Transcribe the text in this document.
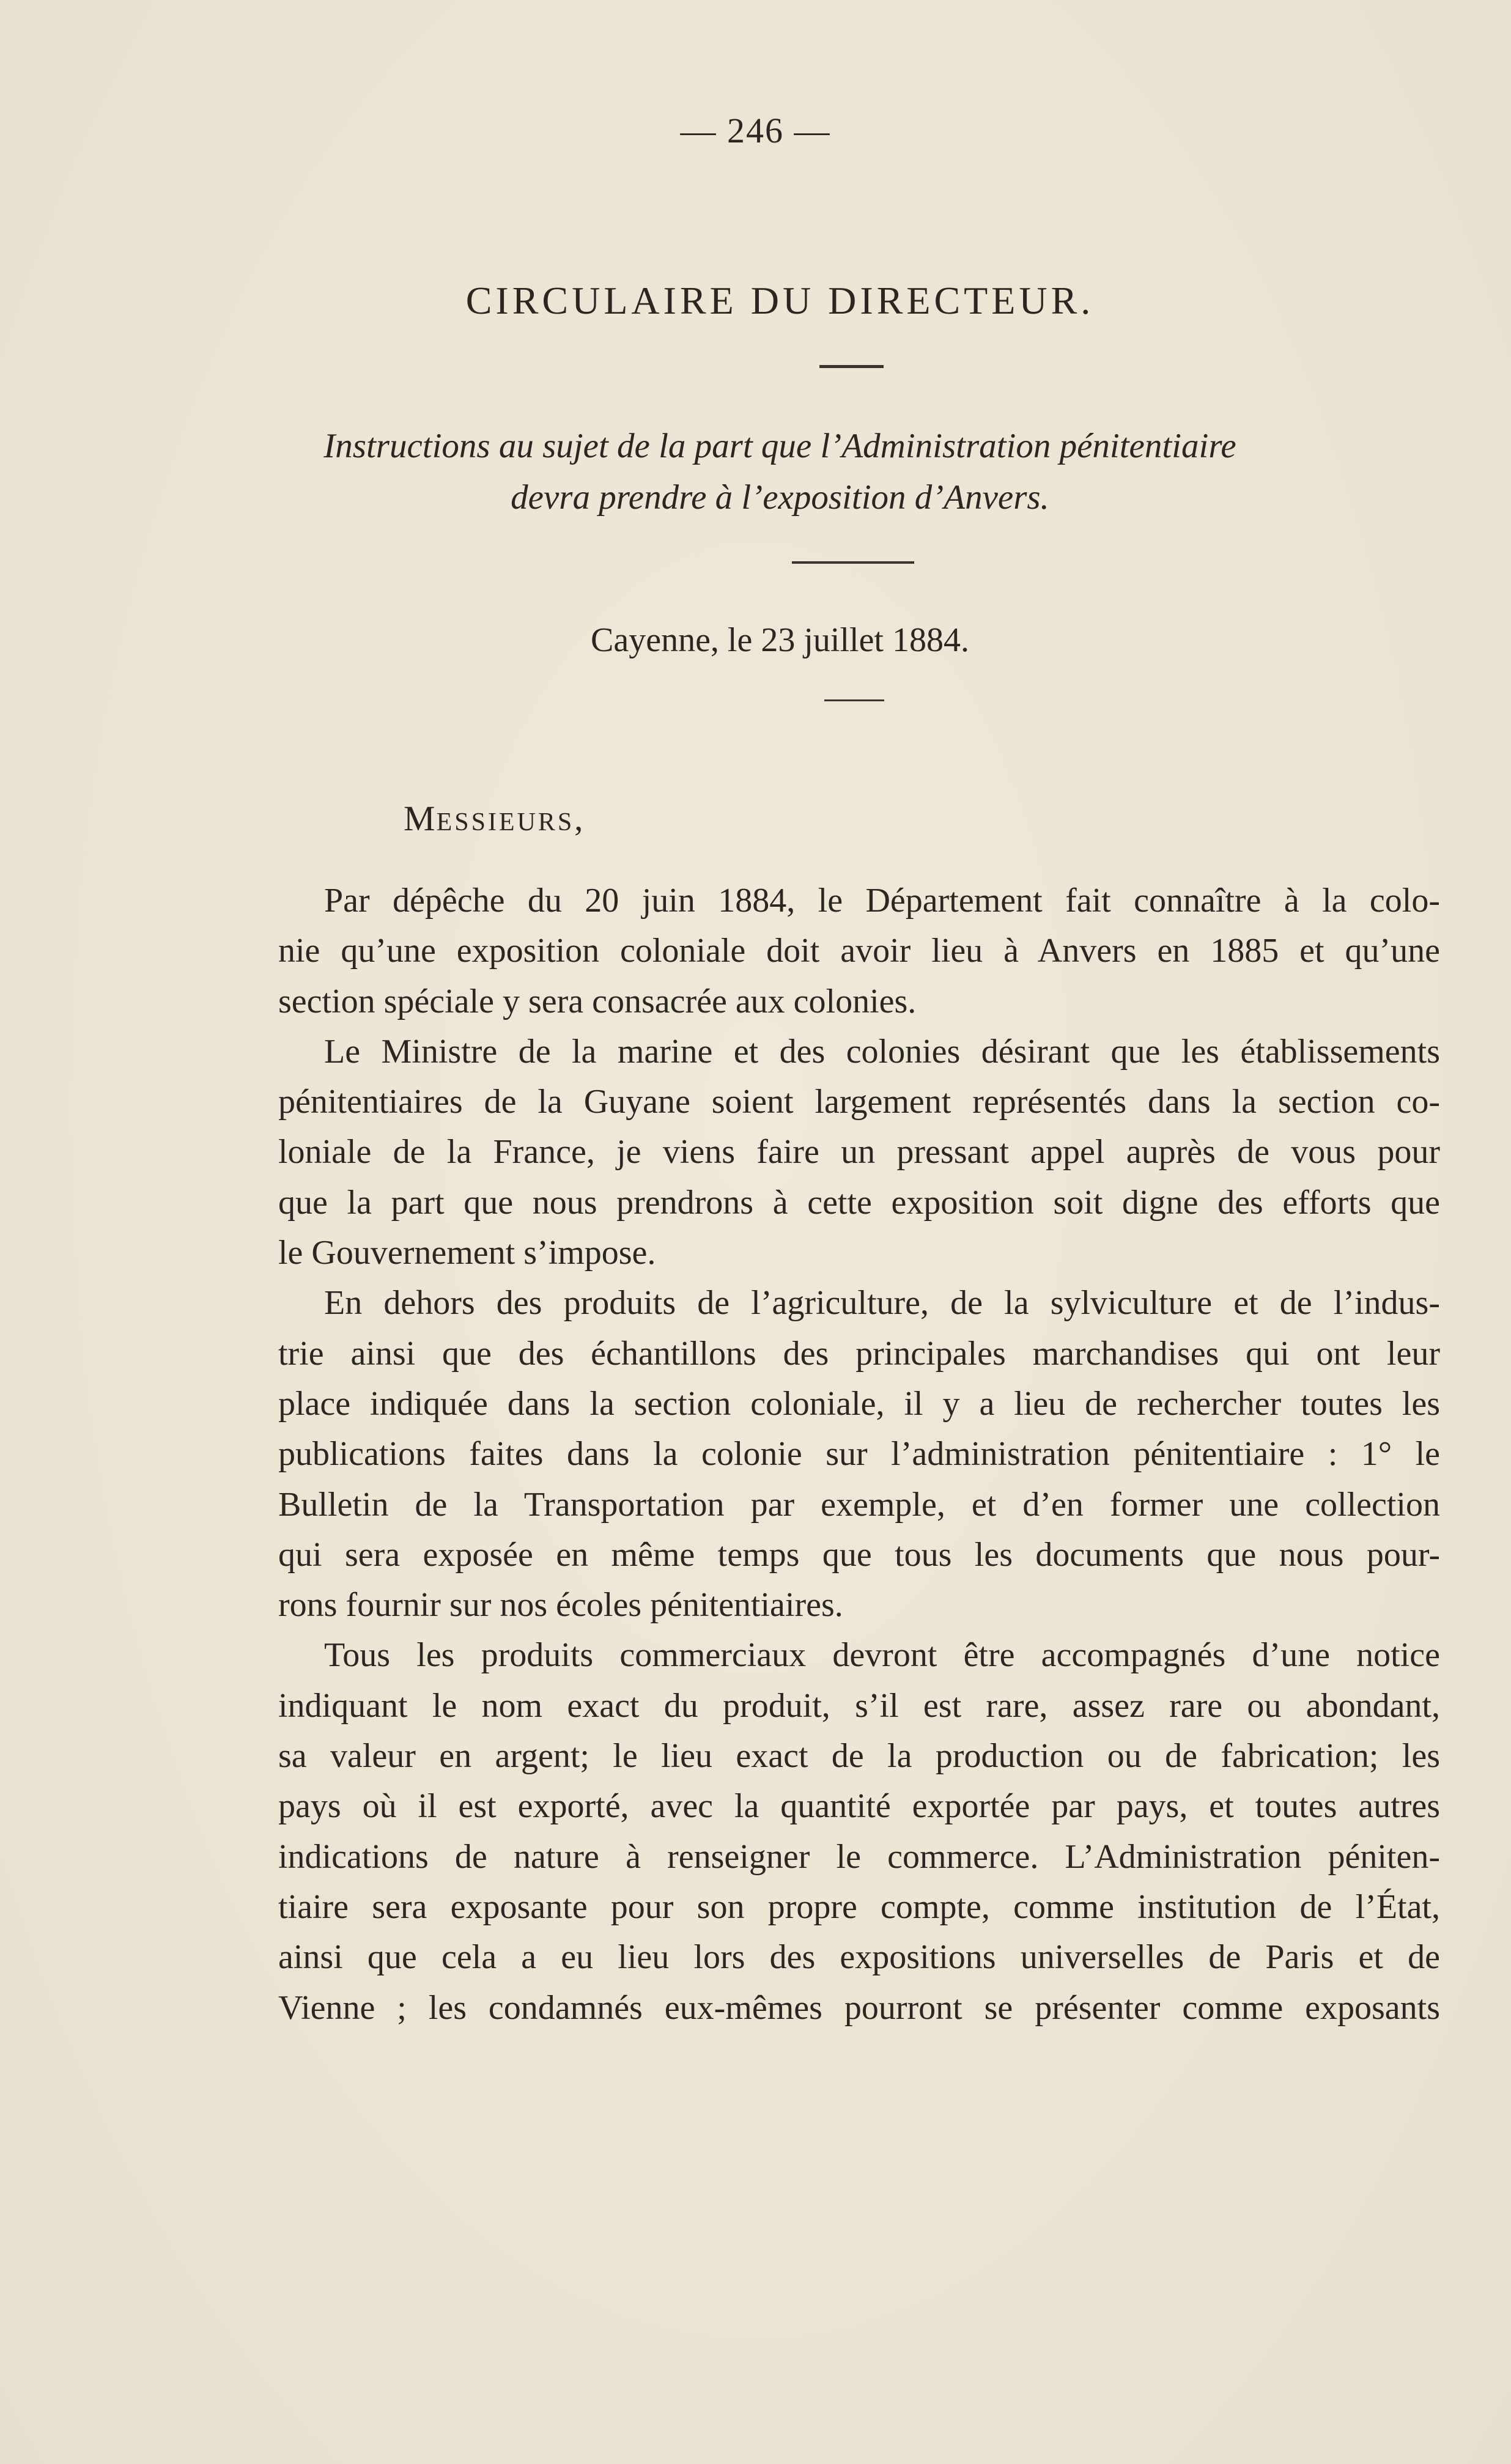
— 246 —
CIRCULAIRE DU DIRECTEUR.
Instructions au sujet de la part que l’Administration pénitentiaire
devra prendre à l’exposition d’Anvers.
Cayenne, le 23 juillet 1884.
MESSIEURS,
Par dépêche du 20 juin 1884, le Département fait connaître à la colo-
nie qu’une exposition coloniale doit avoir lieu à Anvers en 1885 et qu’une
section spéciale y sera consacrée aux colonies.
Le Ministre de la marine et des colonies désirant que les établissements
pénitentiaires de la Guyane soient largement représentés dans la section co-
loniale de la France, je viens faire un pressant appel auprès de vous pour
que la part que nous prendrons à cette exposition soit digne des efforts que
le Gouvernement s’impose.
En dehors des produits de l’agriculture, de la sylviculture et de l’indus-
trie ainsi que des échantillons des principales marchandises qui ont leur
place indiquée dans la section coloniale, il y a lieu de rechercher toutes les
publications faites dans la colonie sur l’administration pénitentiaire : 1° le
Bulletin de la Transportation par exemple, et d’en former une collection
qui sera exposée en même temps que tous les documents que nous pour-
rons fournir sur nos écoles pénitentiaires.
Tous les produits commerciaux devront être accompagnés d’une notice
indiquant le nom exact du produit, s’il est rare, assez rare ou abondant,
sa valeur en argent; le lieu exact de la production ou de fabrication; les
pays où il est exporté, avec la quantité exportée par pays, et toutes autres
indications de nature à renseigner le commerce. L’Administration péniten-
tiaire sera exposante pour son propre compte, comme institution de l’État,
ainsi que cela a eu lieu lors des expositions universelles de Paris et de
Vienne ; les condamnés eux-mêmes pourront se présenter comme exposants
